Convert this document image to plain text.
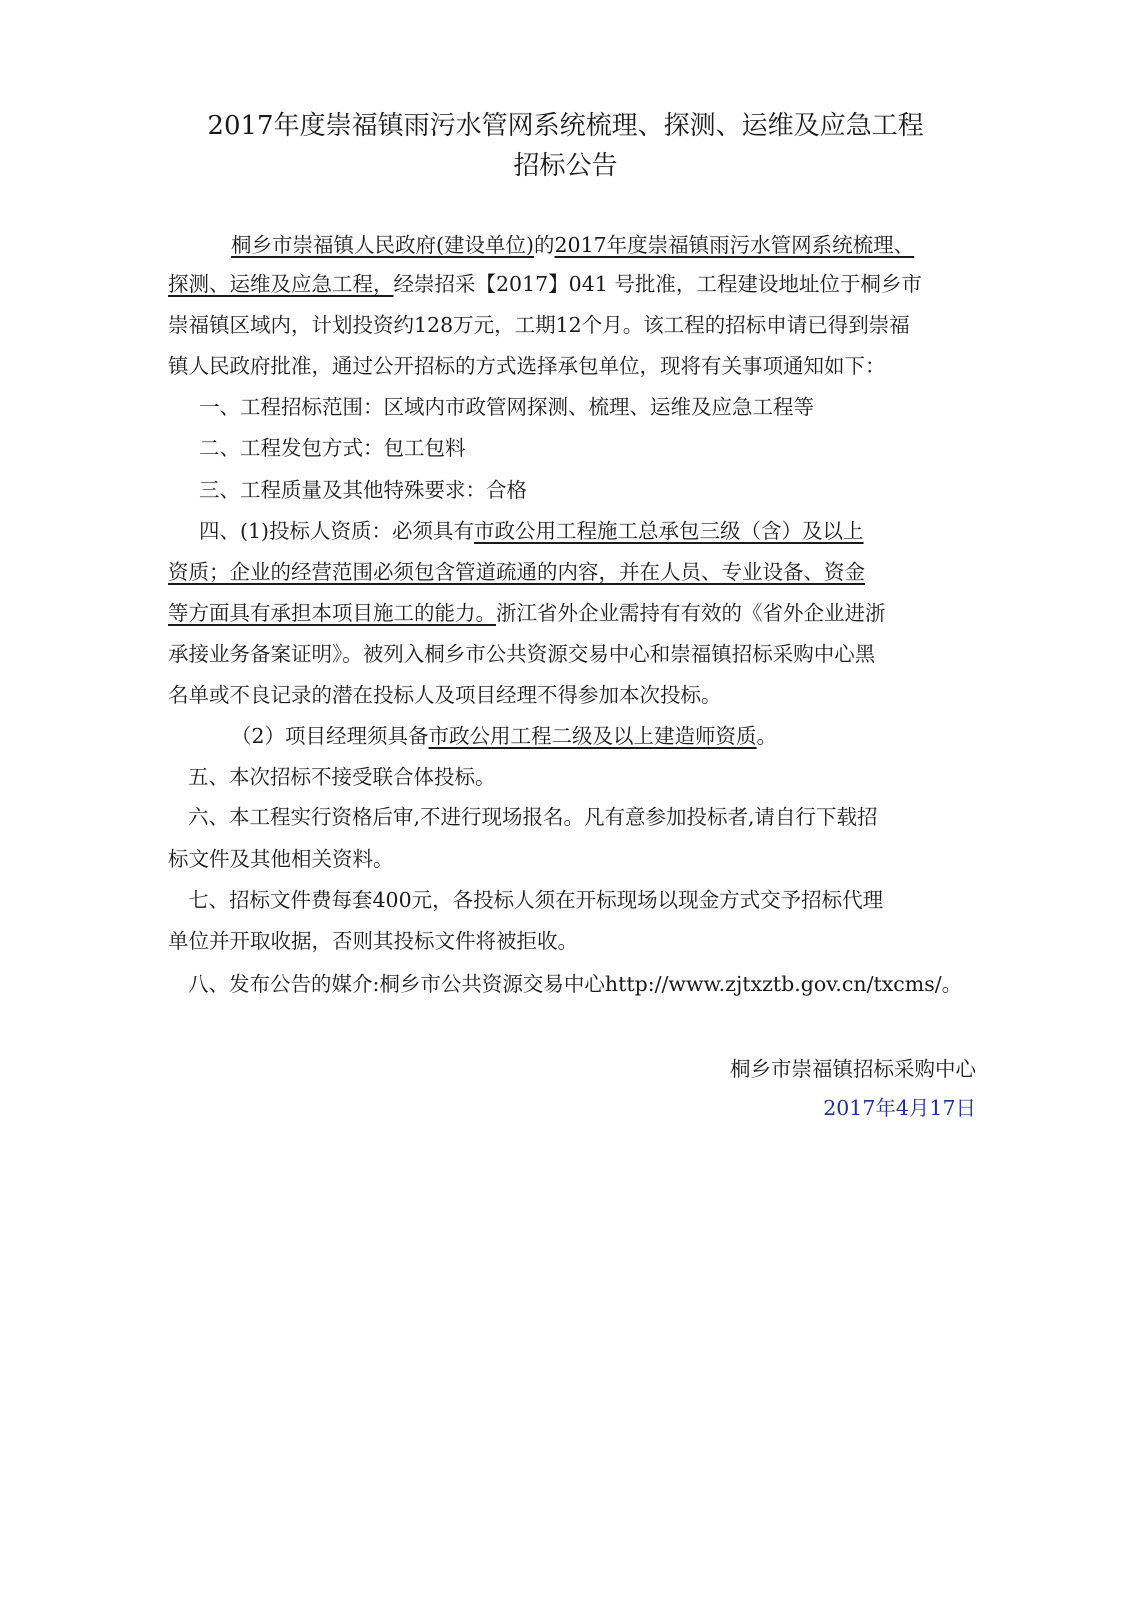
2017年度崇福镇雨污水管网系统梳理、探测、运维及应急工程
招标公告

桐乡市崇福镇人民政府(建设单位)的2017年度崇福镇雨污水管网系统梳理、

探测、运维及应急工程，经崇招采【2017】041 号批准，工程建设地址位于桐乡市

崇福镇区域内，计划投资约128万元，工期12个月。该工程的招标申请已得到崇福

镇人民政府批准，通过公开招标的方式选择承包单位，现将有关事项通知如下：

一、工程招标范围：区域内市政管网探测、梳理、运维及应急工程等

二、工程发包方式：包工包料

三、工程质量及其他特殊要求：合格

四、(1)投标人资质：必须具有市政公用工程施工总承包三级（含）及以上

资质；企业的经营范围必须包含管道疏通的内容，并在人员、专业设备、资金

等方面具有承担本项目施工的能力。浙江省外企业需持有有效的《省外企业进浙

承接业务备案证明》。被列入桐乡市公共资源交易中心和崇福镇招标采购中心黑

名单或不良记录的潜在投标人及项目经理不得参加本次投标。

（2）项目经理须具备市政公用工程二级及以上建造师资质。

五、本次招标不接受联合体投标。

六、本工程实行资格后审,不进行现场报名。凡有意参加投标者,请自行下载招

标文件及其他相关资料。

七、招标文件费每套400元，各投标人须在开标现场以现金方式交予招标代理

单位并开取收据，否则其投标文件将被拒收。

八、发布公告的媒介:桐乡市公共资源交易中心http://www.zjtxztb.gov.cn/txcms/。

桐乡市崇福镇招标采购中心

2017年4月17日
